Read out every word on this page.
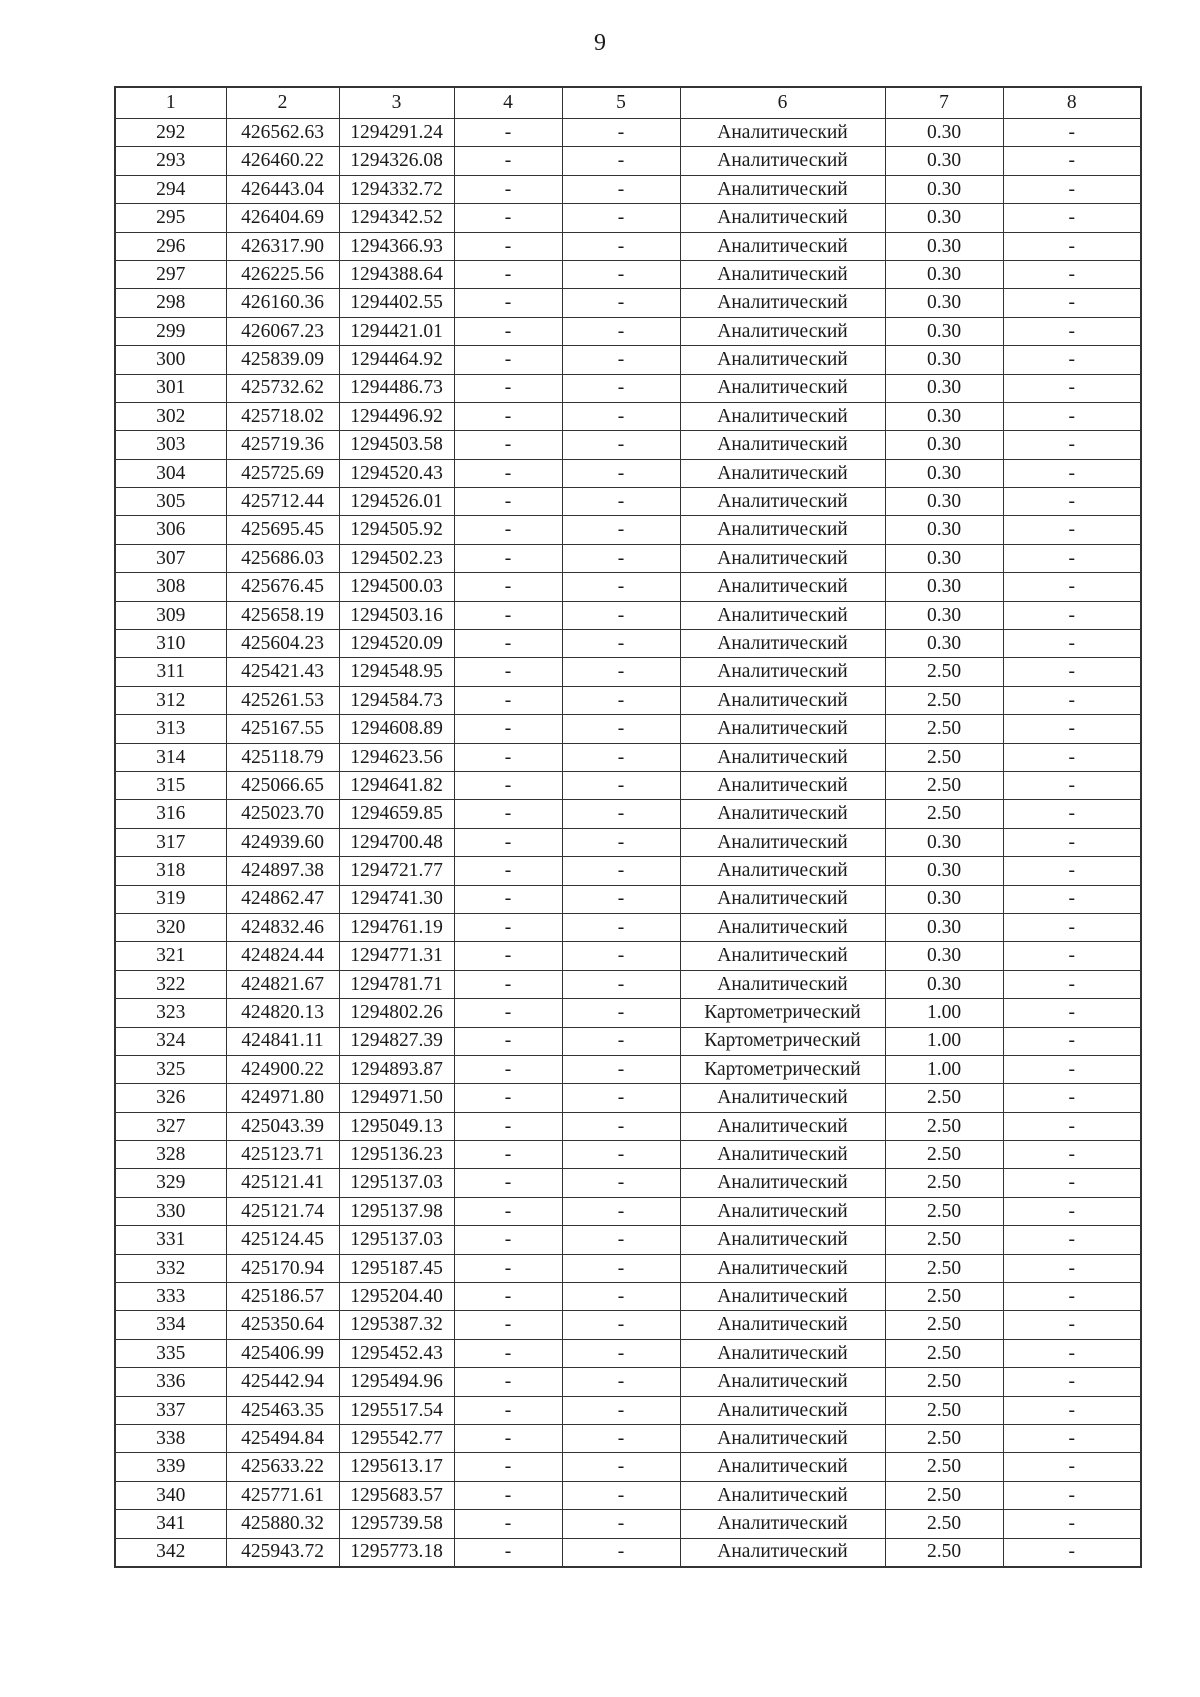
9
1	2	3	4	5	6	7	8
292	426562.63	1294291.24	-	-	Аналитический	0.30	-
293	426460.22	1294326.08	-	-	Аналитический	0.30	-
294	426443.04	1294332.72	-	-	Аналитический	0.30	-
295	426404.69	1294342.52	-	-	Аналитический	0.30	-
296	426317.90	1294366.93	-	-	Аналитический	0.30	-
297	426225.56	1294388.64	-	-	Аналитический	0.30	-
298	426160.36	1294402.55	-	-	Аналитический	0.30	-
299	426067.23	1294421.01	-	-	Аналитический	0.30	-
300	425839.09	1294464.92	-	-	Аналитический	0.30	-
301	425732.62	1294486.73	-	-	Аналитический	0.30	-
302	425718.02	1294496.92	-	-	Аналитический	0.30	-
303	425719.36	1294503.58	-	-	Аналитический	0.30	-
304	425725.69	1294520.43	-	-	Аналитический	0.30	-
305	425712.44	1294526.01	-	-	Аналитический	0.30	-
306	425695.45	1294505.92	-	-	Аналитический	0.30	-
307	425686.03	1294502.23	-	-	Аналитический	0.30	-
308	425676.45	1294500.03	-	-	Аналитический	0.30	-
309	425658.19	1294503.16	-	-	Аналитический	0.30	-
310	425604.23	1294520.09	-	-	Аналитический	0.30	-
311	425421.43	1294548.95	-	-	Аналитический	2.50	-
312	425261.53	1294584.73	-	-	Аналитический	2.50	-
313	425167.55	1294608.89	-	-	Аналитический	2.50	-
314	425118.79	1294623.56	-	-	Аналитический	2.50	-
315	425066.65	1294641.82	-	-	Аналитический	2.50	-
316	425023.70	1294659.85	-	-	Аналитический	2.50	-
317	424939.60	1294700.48	-	-	Аналитический	0.30	-
318	424897.38	1294721.77	-	-	Аналитический	0.30	-
319	424862.47	1294741.30	-	-	Аналитический	0.30	-
320	424832.46	1294761.19	-	-	Аналитический	0.30	-
321	424824.44	1294771.31	-	-	Аналитический	0.30	-
322	424821.67	1294781.71	-	-	Аналитический	0.30	-
323	424820.13	1294802.26	-	-	Картометрический	1.00	-
324	424841.11	1294827.39	-	-	Картометрический	1.00	-
325	424900.22	1294893.87	-	-	Картометрический	1.00	-
326	424971.80	1294971.50	-	-	Аналитический	2.50	-
327	425043.39	1295049.13	-	-	Аналитический	2.50	-
328	425123.71	1295136.23	-	-	Аналитический	2.50	-
329	425121.41	1295137.03	-	-	Аналитический	2.50	-
330	425121.74	1295137.98	-	-	Аналитический	2.50	-
331	425124.45	1295137.03	-	-	Аналитический	2.50	-
332	425170.94	1295187.45	-	-	Аналитический	2.50	-
333	425186.57	1295204.40	-	-	Аналитический	2.50	-
334	425350.64	1295387.32	-	-	Аналитический	2.50	-
335	425406.99	1295452.43	-	-	Аналитический	2.50	-
336	425442.94	1295494.96	-	-	Аналитический	2.50	-
337	425463.35	1295517.54	-	-	Аналитический	2.50	-
338	425494.84	1295542.77	-	-	Аналитический	2.50	-
339	425633.22	1295613.17	-	-	Аналитический	2.50	-
340	425771.61	1295683.57	-	-	Аналитический	2.50	-
341	425880.32	1295739.58	-	-	Аналитический	2.50	-
342	425943.72	1295773.18	-	-	Аналитический	2.50	-
